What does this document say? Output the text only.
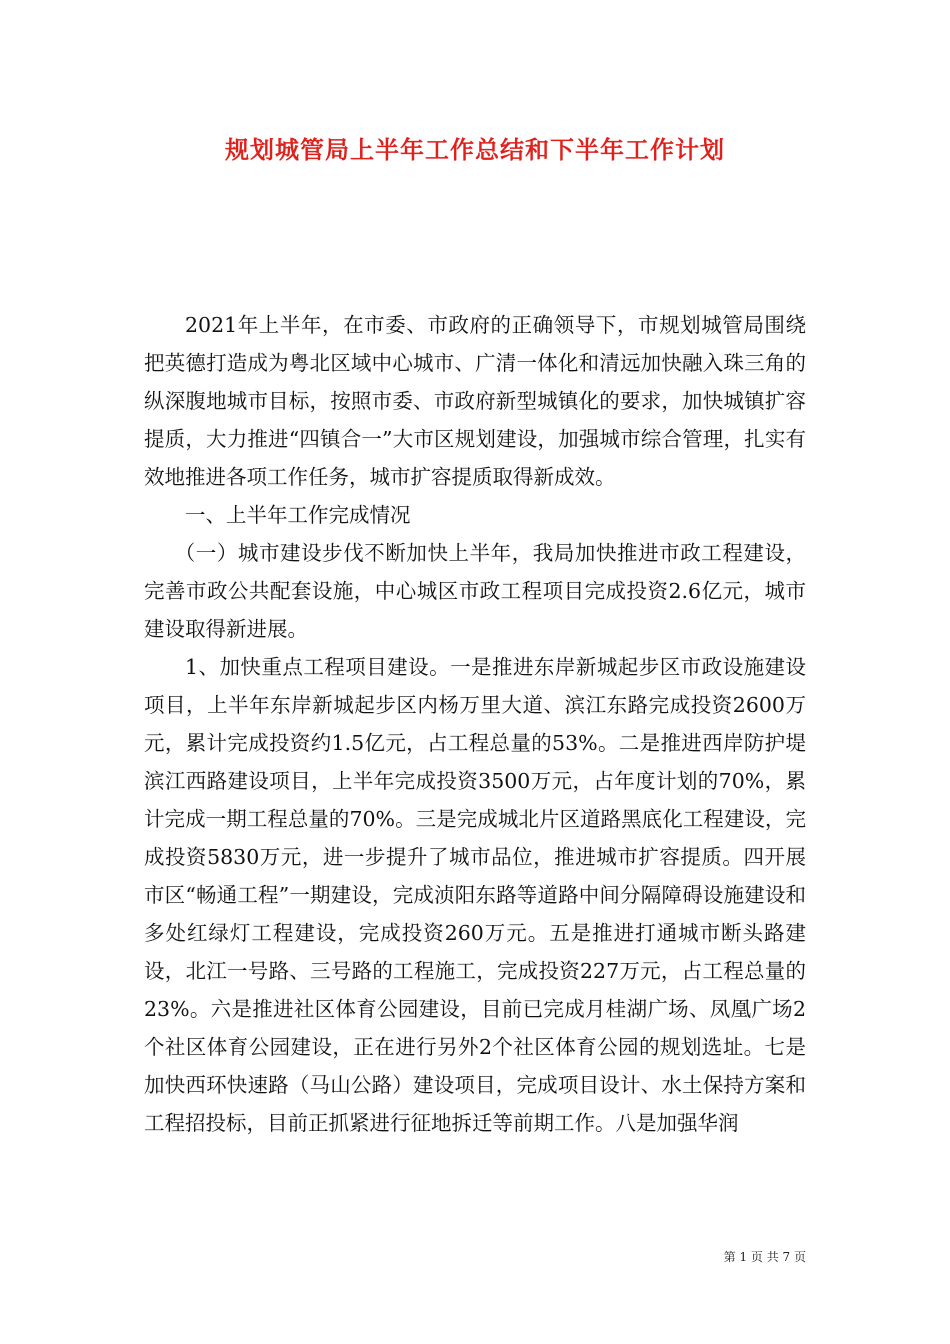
规划城管局上半年工作总结和下半年工作计划

2021年上半年，在市委、市政府的正确领导下，市规划城管局围绕把英德打造成为粤北区域中心城市、广清一体化和清远加快融入珠三角的纵深腹地城市目标，按照市委、市政府新型城镇化的要求，加快城镇扩容提质，大力推进“四镇合一”大市区规划建设，加强城市综合管理，扎实有效地推进各项工作任务，城市扩容提质取得新成效。

一、上半年工作完成情况

（一）城市建设步伐不断加快上半年，我局加快推进市政工程建设，完善市政公共配套设施，中心城区市政工程项目完成投资2.6亿元，城市建设取得新进展。

1、加快重点工程项目建设。一是推进东岸新城起步区市政设施建设项目，上半年东岸新城起步区内杨万里大道、滨江东路完成投资2600万元，累计完成投资约1.5亿元，占工程总量的53%。二是推进西岸防护堤滨江西路建设项目，上半年完成投资3500万元，占年度计划的70%，累计完成一期工程总量的70%。三是完成城北片区道路黑底化工程建设，完成投资5830万元，进一步提升了城市品位，推进城市扩容提质。四开展市区“畅通工程”一期建设，完成浈阳东路等道路中间分隔障碍设施建设和多处红绿灯工程建设，完成投资260万元。五是推进打通城市断头路建设，北江一号路、三号路的工程施工，完成投资227万元，占工程总量的23%。六是推进社区体育公园建设，目前已完成月桂湖广场、凤凰广场2个社区体育公园建设，正在进行另外2个社区体育公园的规划选址。七是加快西环快速路（马山公路）建设项目，完成项目设计、水土保持方案和工程招投标，目前正抓紧进行征地拆迁等前期工作。八是加强华润

第 1 页 共 7 页
